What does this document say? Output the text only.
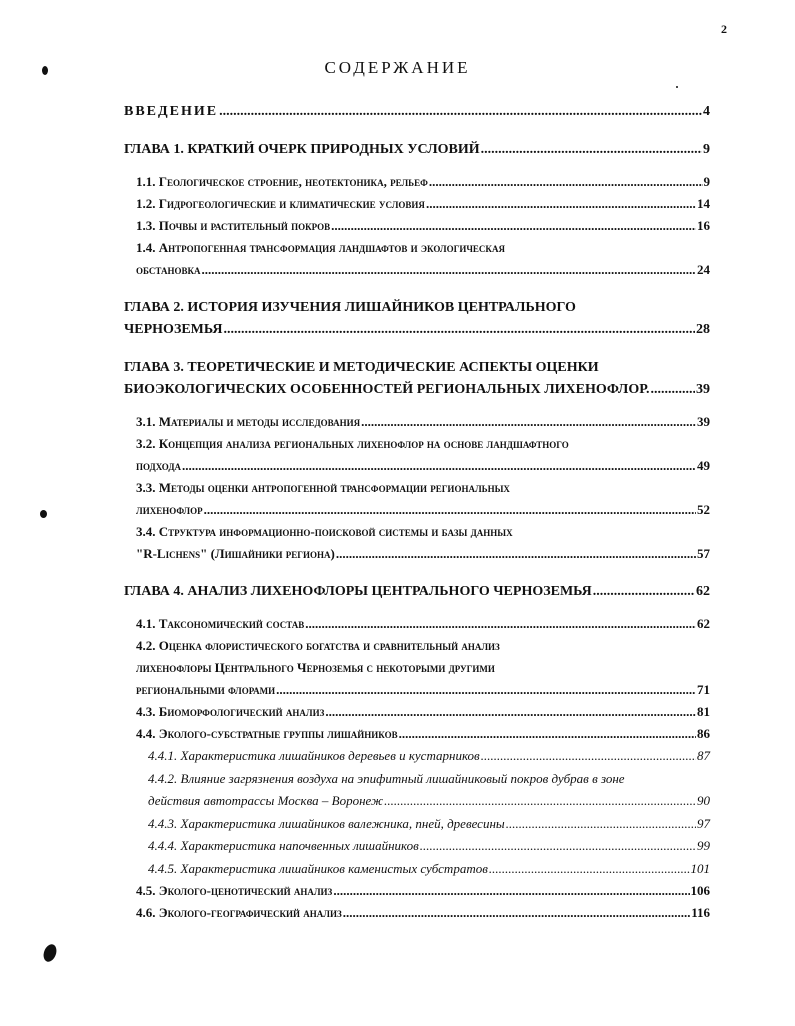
2
СОДЕРЖАНИЕ
ВВЕДЕНИЕ .....	4
ГЛАВА 1. КРАТКИЙ ОЧЕРК ПРИРОДНЫХ УСЛОВИЙ .....	9
1.1. Геологическое строение, неотектоника, рельеф .....	9
1.2. Гидрогеологические и климатические условия .....	14
1.3. Почвы и растительный покров .....	16
1.4. Антропогенная трансформация ландшафтов и экологическая
обстановка .....	24
ГЛАВА 2. ИСТОРИЯ ИЗУЧЕНИЯ ЛИШАЙНИКОВ ЦЕНТРАЛЬНОГО
ЧЕРНОЗЕМЬЯ .....	28
ГЛАВА 3. ТЕОРЕТИЧЕСКИЕ И МЕТОДИЧЕСКИЕ АСПЕКТЫ ОЦЕНКИ
БИОЭКОЛОГИЧЕСКИХ ОСОБЕННОСТЕЙ РЕГИОНАЛЬНЫХ ЛИХЕНОФЛОР. .....	39
3.1. Материалы и методы исследования .....	39
3.2. Концепция анализа региональных лихенофлор на основе ландшафтного
подхода .....	49
3.3. Методы оценки антропогенной трансформации региональных
лихенофлор .....	52
3.4. Структура информационно-поисковой системы и базы данных
"R-Lichens" (Лишайники региона) .....	57
ГЛАВА 4. АНАЛИЗ ЛИХЕНОФЛОРЫ ЦЕНТРАЛЬНОГО ЧЕРНОЗЕМЬЯ .....	62
4.1. Таксономический состав .....	62
4.2. Оценка флористического богатства и сравнительный анализ
лихенофлоры Центрального Черноземья с некоторыми другими
региональными флорами .....	71
4.3. Биоморфологический анализ .....	81
4.4. Эколого-субстратные группы лишайников .....	86
4.4.1. Характеристика лишайников деревьев и кустарников .....	87
4.4.2. Влияние загрязнения воздуха на эпифитный лишайниковый покров дубрав в зоне
действия автотрассы Москва – Воронеж .....	90
4.4.3. Характеристика лишайников валежника, пней, древесины .....	97
4.4.4. Характеристика напочвенных лишайников .....	99
4.4.5. Характеристика лишайников каменистых субстратов .....	101
4.5. Эколого-ценотический анализ .....	106
4.6. Эколого-географический анализ .....	116
